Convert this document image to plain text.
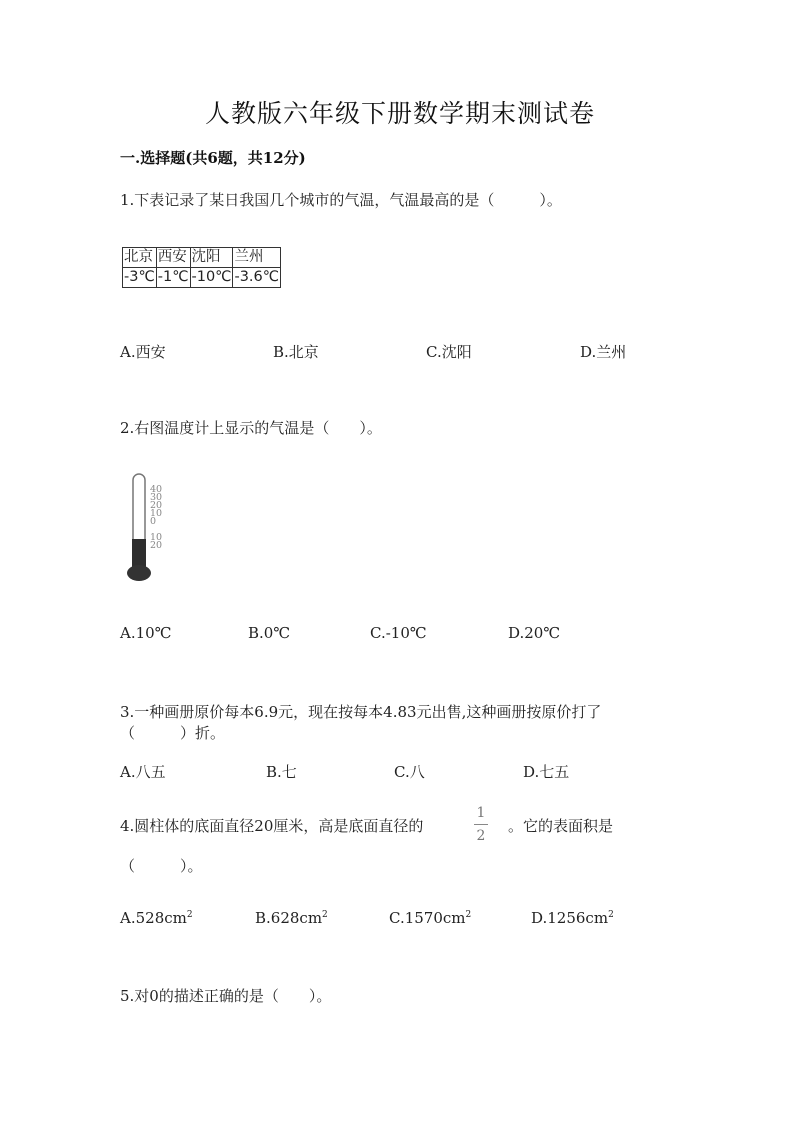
人教版六年级下册数学期末测试卷
一.选择题(共6题，共12分)
1.下表记录了某日我国几个城市的气温，气温最高的是（　　　）。
北京	西安	沈阳	兰州
-3℃	-1℃	-10℃	-3.6℃
A.西安	B.北京	C.沈阳	D.兰州
2.右图温度计上显示的气温是（　　）。
40
30
20
10
0
10
20
A.10℃	B.0℃	C.-10℃	D.20℃
3.一种画册原价每本6.9元，现在按每本4.83元出售,这种画册按原价打了
（　　　）折。
A.八五	B.七	C.八	D.七五
4.圆柱体的底面直径20厘米，高是底面直径的
1
2
。它的表面积是
（　　　）。
$A.528cm^2$	$B.628cm^2$	$C.1570cm^2$	$D.1256cm^2$
5.对0的描述正确的是（　　）。
